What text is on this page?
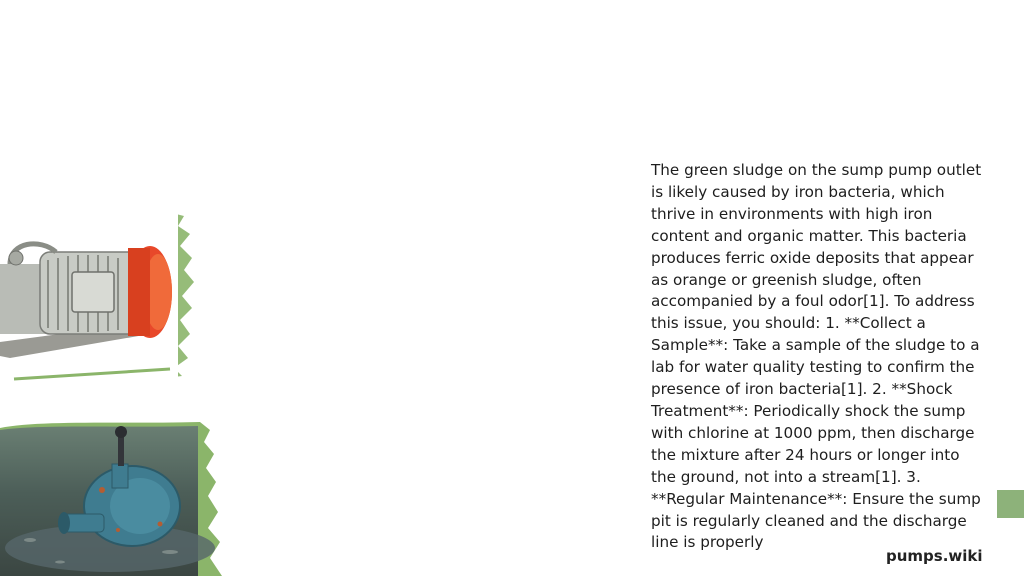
The green sludge on the sump pump outlet is likely caused by iron bacteria, which thrive in environments with high iron content and organic matter. This bacteria produces ferric oxide deposits that appear as orange or greenish sludge, often accompanied by a foul odor[1]. To address this issue, you should: 1. **Collect a Sample**: Take a sample of the sludge to a lab for water quality testing to confirm the presence of iron bacteria[1]. 2. **Shock Treatment**: Periodically shock the sump with chlorine at 1000 ppm, then discharge the mixture after 24 hours or longer into the ground, not into a stream[1]. 3. **Regular Maintenance**: Ensure the sump pit is regularly cleaned and the discharge line is properly

pumps.wiki
